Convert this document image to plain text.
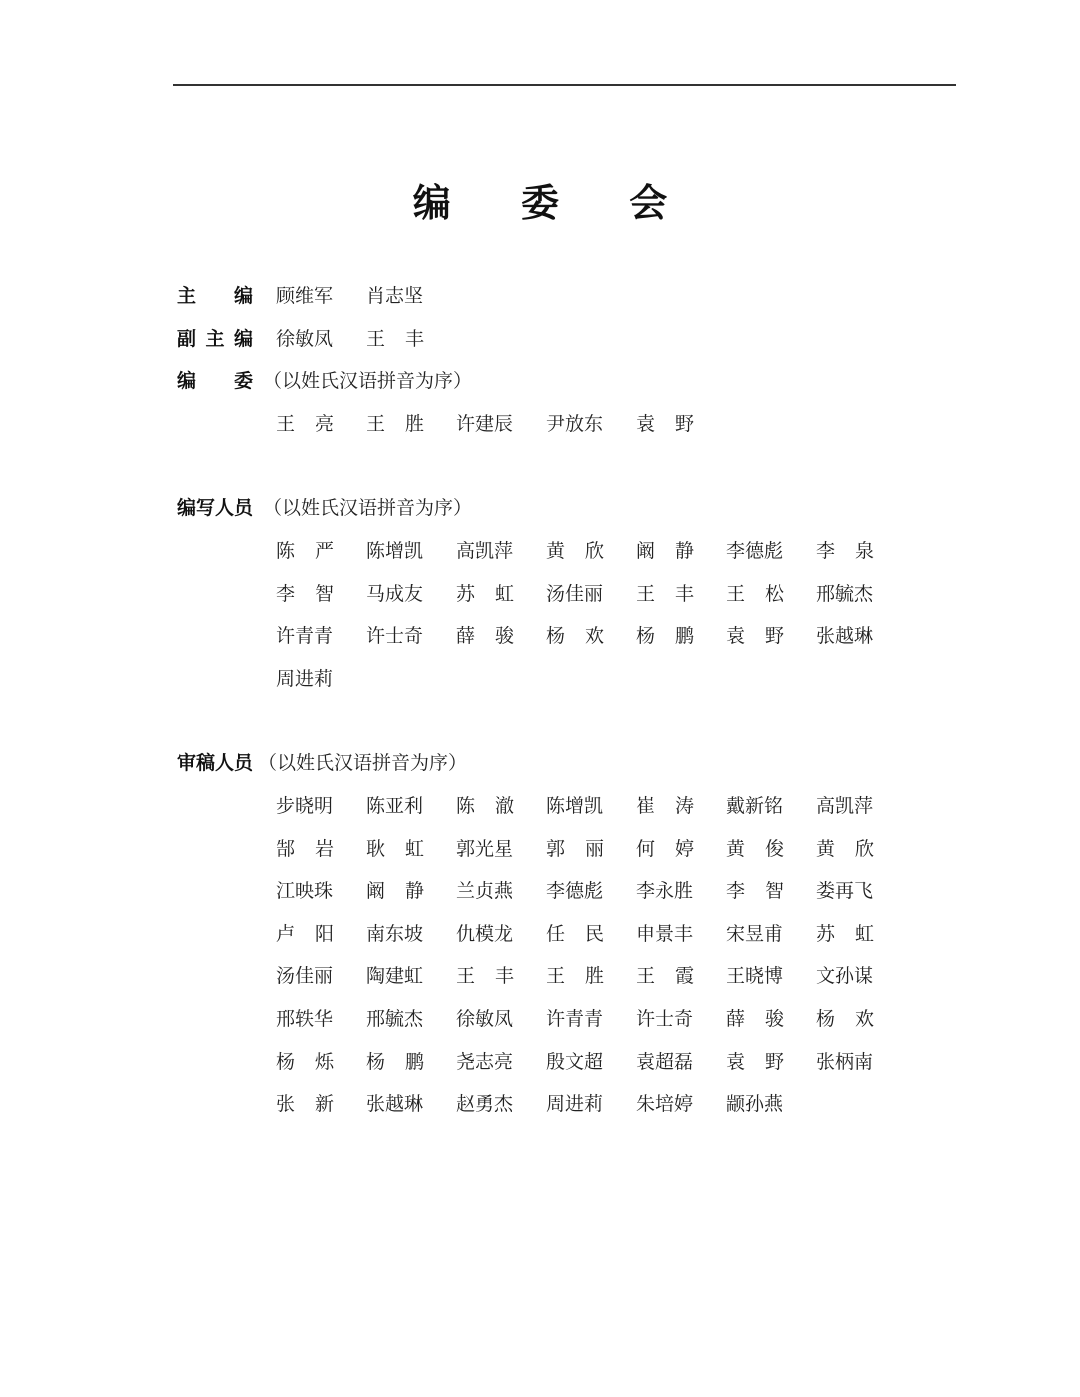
编 委 会
主 编
副 主 编
编 委 （以姓氏汉语拼音为序）
编 写 人 员 （以姓氏汉语拼音为序）
审 稿 人 员 （以姓氏汉语拼音为序）
顾 维 军 肖 志 坚
徐 敏 凤 王 丰
王 亮 王 胜 许 建 辰 尹 放 东 袁 野
陈 严 陈 增 凯 高 凯 萍 黄 欣 阚 静 李 德 彪 李 泉
李 智 马 成 友 苏 虹 汤 佳 丽 王 丰 王 松 邢 毓 杰
许 青 青 许 士 奇 薛 骏 杨 欢 杨 鹏 袁 野 张 越 琳
周 进 莉
步 晓 明 陈 亚 利 陈 澈 陈 增 凯 崔 涛 戴 新 铭 高 凯 萍
郜 岩 耿 虹 郭 光 星 郭 丽 何 婷 黄 俊 黄 欣
江 映 珠 阚 静 兰 贞 燕 李 德 彪 李 永 胜 李 智 娄 再 飞
卢 阳 南 东 坡 仇 模 龙 任 民 申 景 丰 宋 昱 甫 苏 虹
汤 佳 丽 陶 建 虹 王 丰 王 胜 王 霞 王 晓 博 文 孙 谋
邢 轶 华 邢 毓 杰 徐 敏 凤 许 青 青 许 士 奇 薛 骏 杨 欢
杨 烁 杨 鹏 尧 志 亮 殷 文 超 袁 超 磊 袁 野 张 柄 南
张 新 张 越 琳 赵 勇 杰 周 进 莉 朱 培 婷 颛 孙 燕
